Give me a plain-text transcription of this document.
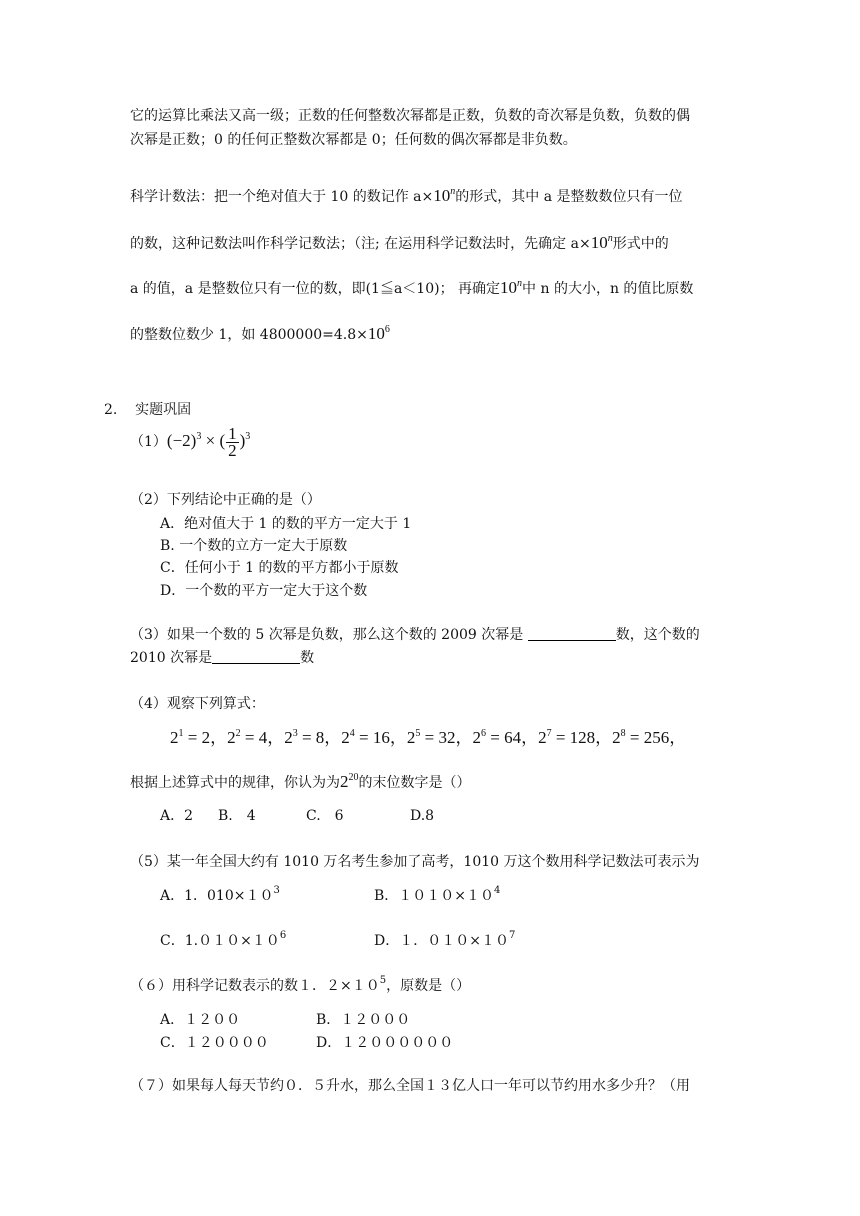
它的运算比乘法又高一级；正数的任何整数次幂都是正数，负数的奇次幂是负数，负数的偶
次幂是正数；0 的任何正整数次幂都是 0；任何数的偶次幂都是非负数。
科学计数法：把一个绝对值大于 10 的数记作 $a\times 10^n$的形式，其中 a 是整数数位只有一位
的数，这种记数法叫作科学记数法；（注; 在运用科学记数法时，先确定 $a\times 10^n$形式中的
a 的值，a 是整数位只有一位的数，即(1≦a＜10)； 再确定10$^n$中 n 的大小，n 的值比原数
的整数位数少 1，如 $4800000=4.8\times 10^6$
2. 实题巩固
$(1)(-2)^3$ × ( $\frac{1}{2} )^3$
（2）下列结论中正确的是（）
A．绝对值大于 1 的数的平方一定大于 1
B. 一个数的立方一定大于原数
C．任何小于 1 的数的平方都小于原数
D．一个数的平方一定大于这个数
（3）如果一个数的 5 次幂是负数，那么这个数的 2009 次幂是	数，这个数的
2010 次幂是	数
（4）观察下列算式：
$2^1 = 2$，$2^2 = 4$，$2^3 = 8$，$2^4 = 16$，$2^5 = 32$，$2^6 = 64$，$2^7 = 128$，$2^8 = 256$，
根据上述算式中的规律，你认为为$2^{20}$的末位数字是（）
A．2 B.　4	C.　6	D.8
（5）某一年全国大约有 1010 万名考生参加了高考，1010 万这个数用科学记数法可表示为
A．1．$010\times 10^3$	B．$1010\times 10^4$
C．$1.010\times 10^6$	D．１．$010\times 10^7$
（６）用科学记数表示的数１．$2\times 10^5$，原数是（）
A．１２００	B．１２０００
C．１２００００	D．１２００００００
（７）如果每人每天节约０．５升水，那么全国１３亿人口一年可以节约用水多少升？（用
